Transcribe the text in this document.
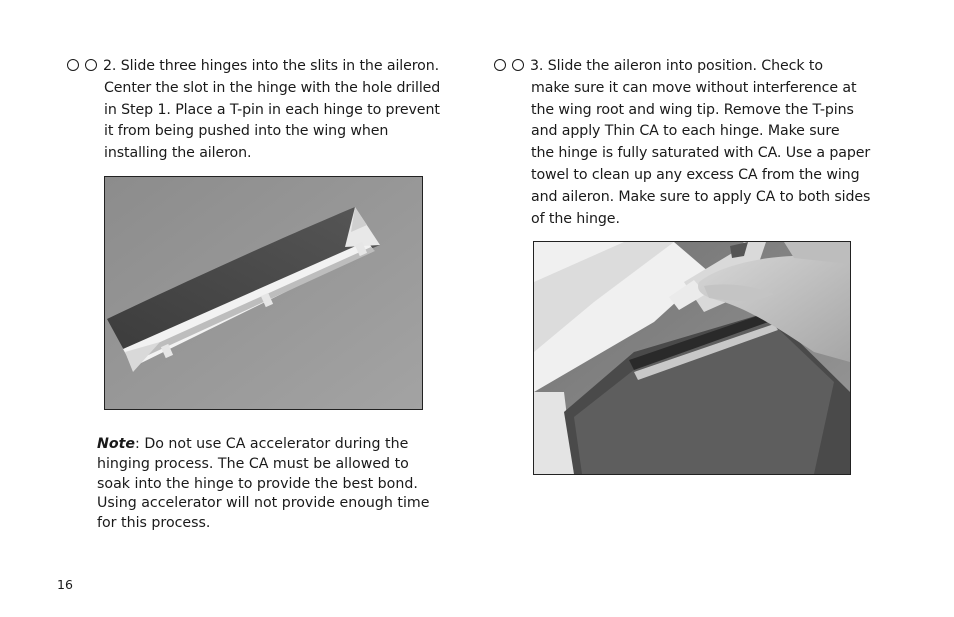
2.
Slide three hinges into the slits in the aileron.
Center the slot in the hinge with the hole drilled
in Step 1. Place a T-pin in each hinge to prevent
it from being pushed into the wing when
installing the aileron.
Note: Do not use CA accelerator during the
hinging process. The CA must be allowed to
soak into the hinge to provide the best bond.
Using accelerator will not provide enough time
for this process.
3.
Slide the aileron into position. Check to
make sure it can move without interference at
the wing root and wing tip. Remove the T-pins
and apply Thin CA to each hinge. Make sure
the hinge is fully saturated with CA. Use a paper
towel to clean up any excess CA from the wing
and aileron. Make sure to apply CA to both sides
of the hinge.
16
